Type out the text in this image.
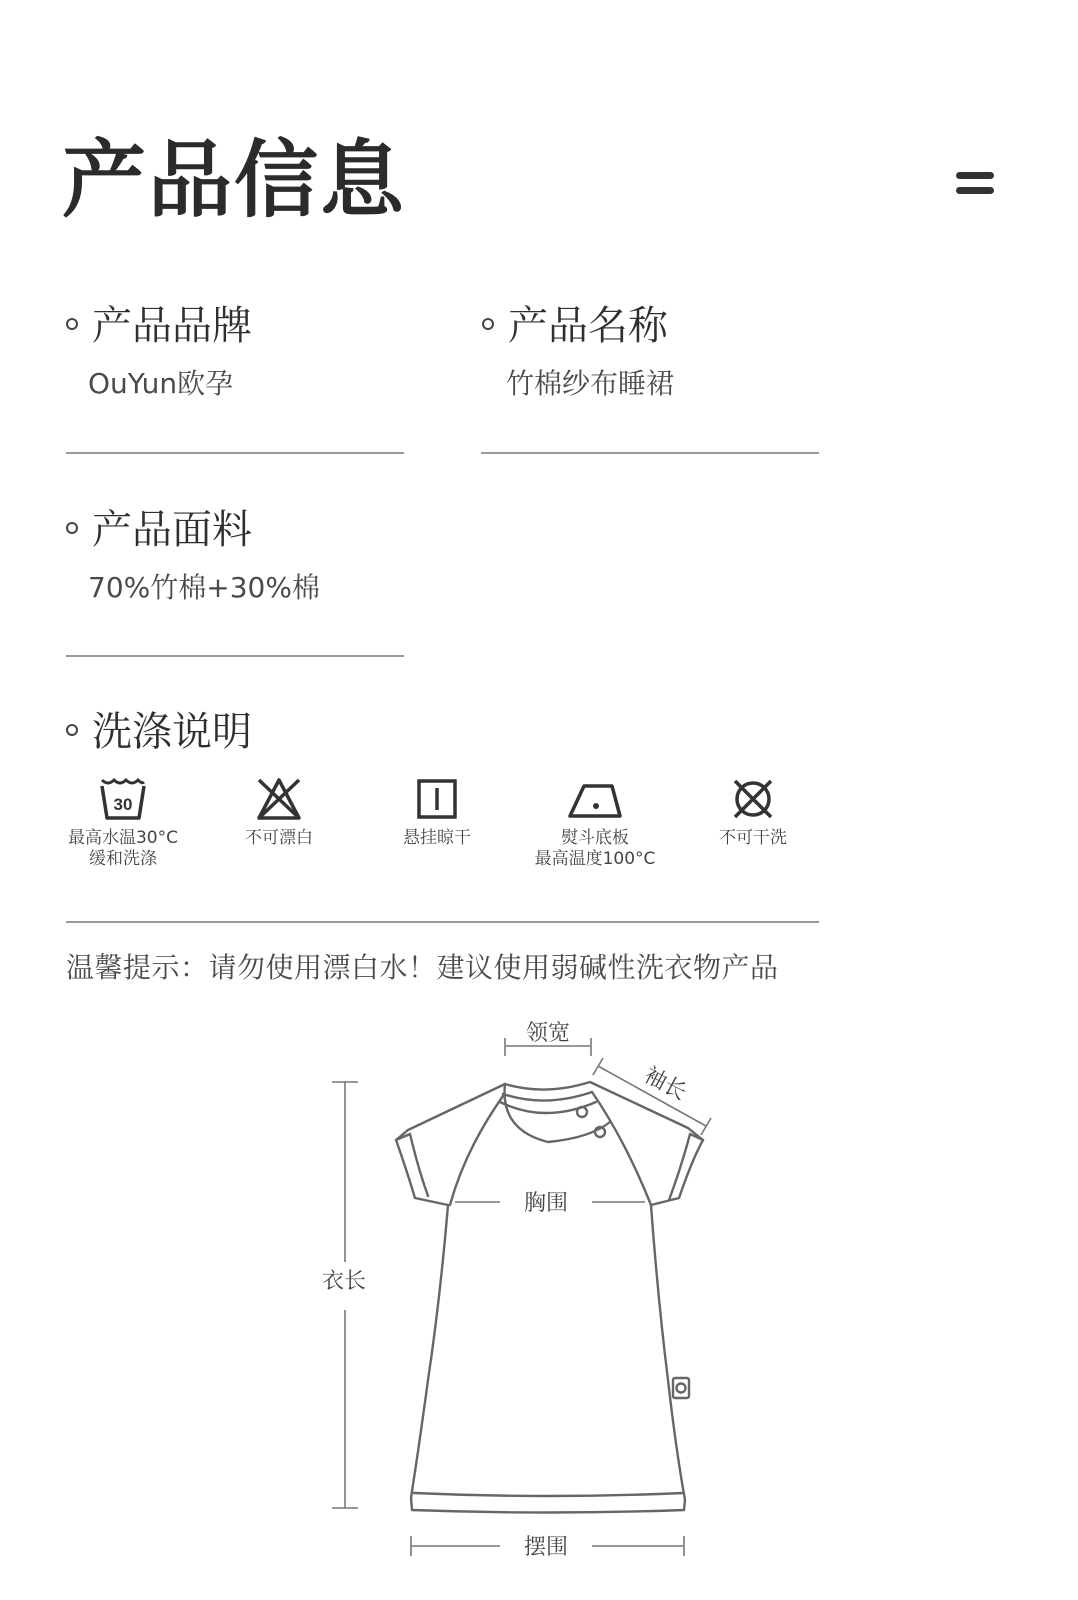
产品信息
产品品牌
OuYun欧孕
产品名称
竹棉纱布睡裙
产品面料
70%竹棉+30%棉
洗涤说明
30
最高水温30°C
缓和洗涤
不可漂白	悬挂晾干	熨斗底板
最高温度100°C
不可干洗
温馨提示：请勿使用漂白水！建议使用弱碱性洗衣物产品
领宽
袖长
胸围
衣长
摆围
